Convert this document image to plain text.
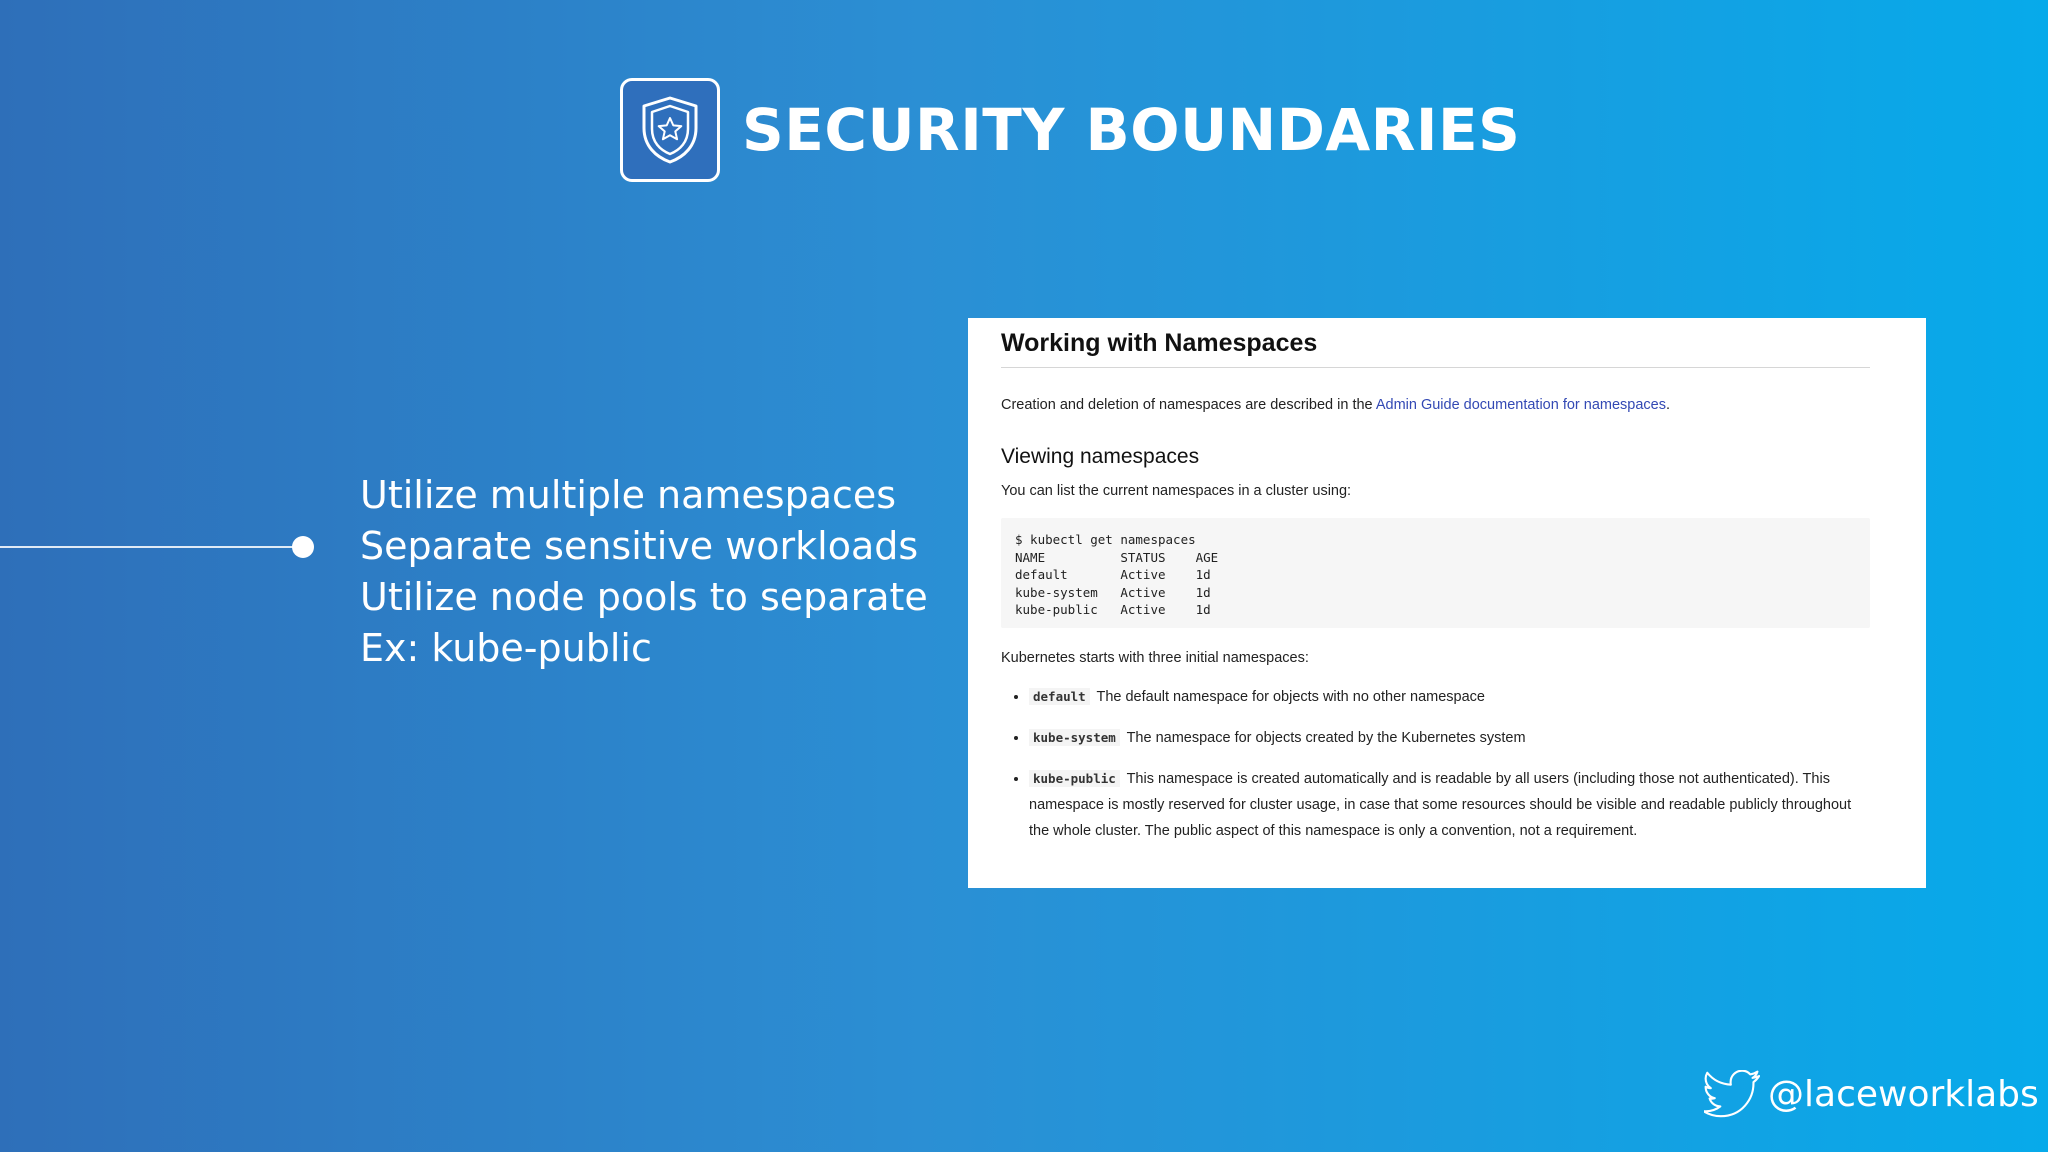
SECURITY BOUNDARIES
Utilize multiple namespaces
Separate sensitive workloads
Utilize node pools to separate
Ex: kube-public
Working with Namespaces

Creation and deletion of namespaces are described in the Admin Guide documentation for namespaces.

Viewing namespaces

You can list the current namespaces in a cluster using:

$ kubectl get namespaces
NAME          STATUS    AGE
default       Active    1d
kube-system   Active    1d
kube-public   Active    1d

Kubernetes starts with three initial namespaces:

• default The default namespace for objects with no other namespace
• kube-system The namespace for objects created by the Kubernetes system
• kube-public This namespace is created automatically and is readable by all users (including those not authenticated). This namespace is mostly reserved for cluster usage, in case that some resources should be visible and readable publicly throughout the whole cluster. The public aspect of this namespace is only a convention, not a requirement.
@laceworklabs
